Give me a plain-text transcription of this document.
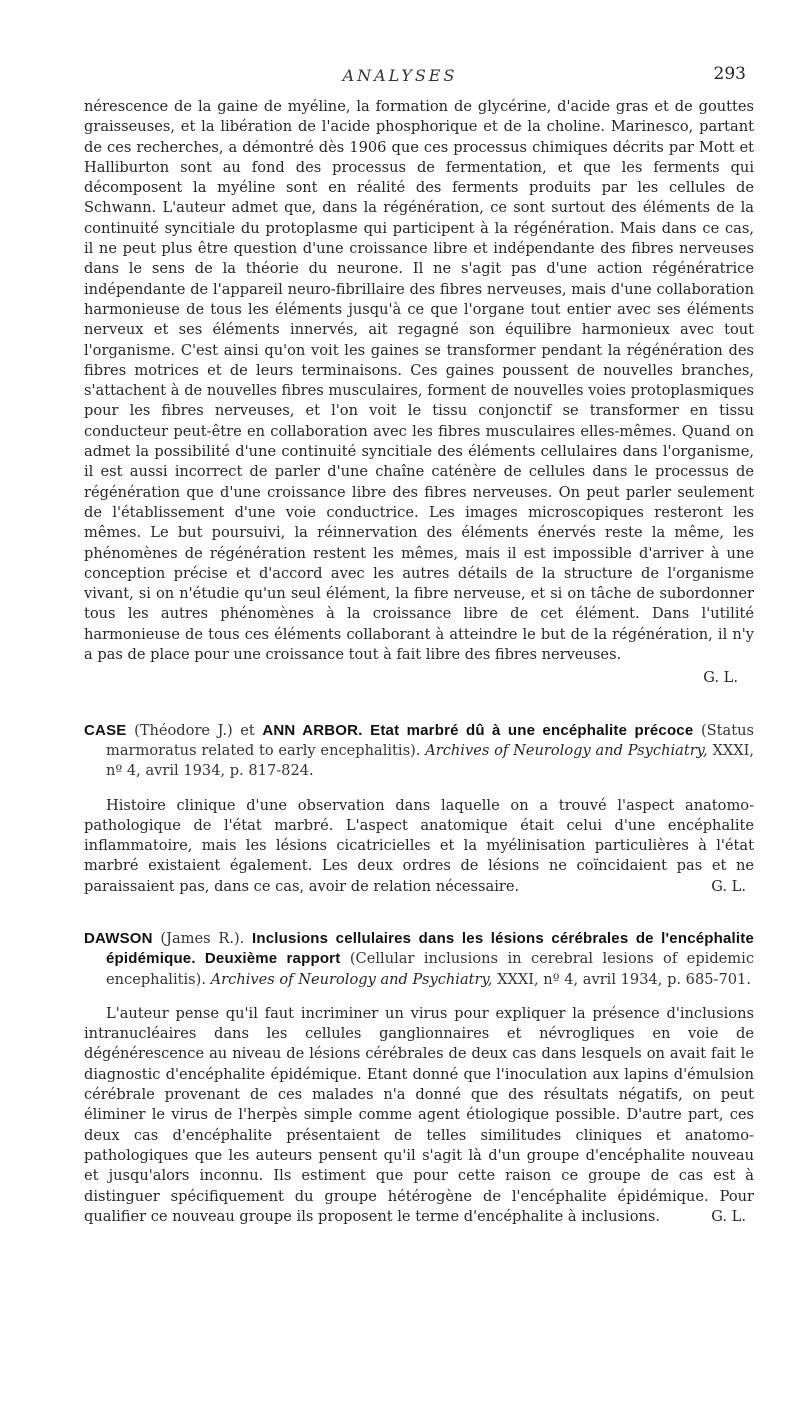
ANALYSES	293

nérescence de la gaine de myéline, la formation de glycérine, d'acide gras et de gouttes graisseuses, et la libération de l'acide phosphorique et de la choline. Marinesco, partant de ces recherches, a démontré dès 1906 que ces processus chimiques décrits par Mott et Halliburton sont au fond des processus de fermentation, et que les ferments qui décomposent la myéline sont en réalité des ferments produits par les cellules de Schwann. L'auteur admet que, dans la régénération, ce sont surtout des éléments de la continuité syncitiale du protoplasme qui participent à la régénération. Mais dans ce cas, il ne peut plus être question d'une croissance libre et indépendante des fibres nerveuses dans le sens de la théorie du neurone. Il ne s'agit pas d'une action régénératrice indépendante de l'appareil neuro-fibrillaire des fibres nerveuses, mais d'une collaboration harmonieuse de tous les éléments jusqu'à ce que l'organe tout entier avec ses éléments nerveux et ses éléments innervés, ait regagné son équilibre harmonieux avec tout l'organisme. C'est ainsi qu'on voit les gaines se transformer pendant la régénération des fibres motrices et de leurs terminaisons. Ces gaines poussent de nouvelles branches, s'attachent à de nouvelles fibres musculaires, forment de nouvelles voies protoplasmiques pour les fibres nerveuses, et l'on voit le tissu conjonctif se transformer en tissu conducteur peut-être en collaboration avec les fibres musculaires elles-mêmes. Quand on admet la possibilité d'une continuité syncitiale des éléments cellulaires dans l'organisme, il est aussi incorrect de parler d'une chaîne caténère de cellules dans le processus de régénération que d'une croissance libre des fibres nerveuses. On peut parler seulement de l'établissement d'une voie conductrice. Les images microscopiques resteront les mêmes. Le but poursuivi, la réinnervation des éléments énervés reste la même, les phénomènes de régénération restent les mêmes, mais il est impossible d'arriver à une conception précise et d'accord avec les autres détails de la structure de l'organisme vivant, si on n'étudie qu'un seul élément, la fibre nerveuse, et si on tâche de subordonner tous les autres phénomènes à la croissance libre de cet élément. Dans l'utilité harmonieuse de tous ces éléments collaborant à atteindre le but de la régénération, il n'y a pas de place pour une croissance tout à fait libre des fibres nerveuses.

G. L.

CASE (Théodore J.) et ANN ARBOR. Etat marbré dû à une encéphalite précoce (Status marmoratus related to early encephalitis). Archives of Neurology and Psychiatry, XXXI, nº 4, avril 1934, p. 817-824.

Histoire clinique d'une observation dans laquelle on a trouvé l'aspect anatomo-pathologique de l'état marbré. L'aspect anatomique était celui d'une encéphalite inflammatoire, mais les lésions cicatricielles et la myélinisation particulières à l'état marbré existaient également. Les deux ordres de lésions ne coïncidaient pas et ne paraissaient pas, dans ce cas, avoir de relation nécessaire.	G. L.

DAWSON (James R.). Inclusions cellulaires dans les lésions cérébrales de l'encéphalite épidémique. Deuxième rapport (Cellular inclusions in cerebral lesions of epidemic encephalitis). Archives of Neurology and Psychiatry, XXXI, nº 4, avril 1934, p. 685-701.

L'auteur pense qu'il faut incriminer un virus pour expliquer la présence d'inclusions intranucléaires dans les cellules ganglionnaires et névrogliques en voie de dégénérescence au niveau de lésions cérébrales de deux cas dans lesquels on avait fait le diagnostic d'encéphalite épidémique. Etant donné que l'inoculation aux lapins d'émulsion cérébrale provenant de ces malades n'a donné que des résultats négatifs, on peut éliminer le virus de l'herpès simple comme agent étiologique possible. D'autre part, ces deux cas d'encéphalite présentaient de telles similitudes cliniques et anatomo-pathologiques que les auteurs pensent qu'il s'agit là d'un groupe d'encéphalite nouveau et jusqu'alors inconnu. Ils estiment que pour cette raison ce groupe de cas est à distinguer spécifiquement du groupe hétérogène de l'encéphalite épidémique. Pour qualifier ce nouveau groupe ils proposent le terme d'encéphalite à inclusions.	G. L.
